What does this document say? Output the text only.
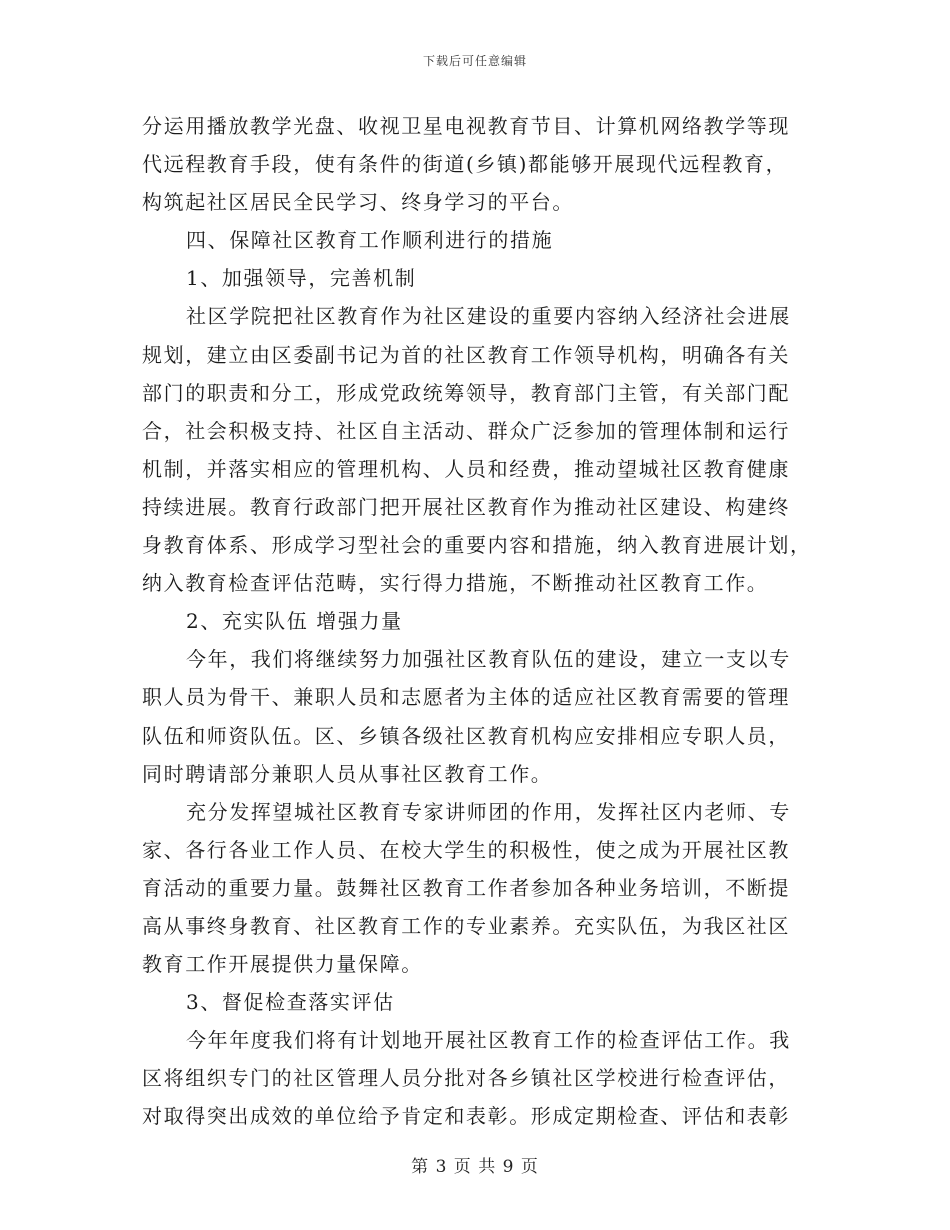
下载后可任意编辑
分运用播放教学光盘、收视卫星电视教育节目、计算机网络教学等现
代远程教育手段，使有条件的街道(乡镇)都能够开展现代远程教育，
构筑起社区居民全民学习、终身学习的平台。
四、保障社区教育工作顺利进行的措施
1、加强领导，完善机制
社区学院把社区教育作为社区建设的重要内容纳入经济社会进展
规划，建立由区委副书记为首的社区教育工作领导机构，明确各有关
部门的职责和分工，形成党政统筹领导，教育部门主管，有关部门配
合，社会积极支持、社区自主活动、群众广泛参加的管理体制和运行
机制，并落实相应的管理机构、人员和经费，推动望城社区教育健康
持续进展。教育行政部门把开展社区教育作为推动社区建设、构建终
身教育体系、形成学习型社会的重要内容和措施，纳入教育进展计划，
纳入教育检查评估范畴，实行得力措施，不断推动社区教育工作。
2、充实队伍 增强力量
今年，我们将继续努力加强社区教育队伍的建设，建立一支以专
职人员为骨干、兼职人员和志愿者为主体的适应社区教育需要的管理
队伍和师资队伍。区、乡镇各级社区教育机构应安排相应专职人员，
同时聘请部分兼职人员从事社区教育工作。
充分发挥望城社区教育专家讲师团的作用，发挥社区内老师、专
家、各行各业工作人员、在校大学生的积极性，使之成为开展社区教
育活动的重要力量。鼓舞社区教育工作者参加各种业务培训，不断提
高从事终身教育、社区教育工作的专业素养。充实队伍，为我区社区
教育工作开展提供力量保障。
3、督促检查落实评估
今年年度我们将有计划地开展社区教育工作的检查评估工作。我
区将组织专门的社区管理人员分批对各乡镇社区学校进行检查评估，
对取得突出成效的单位给予肯定和表彰。形成定期检查、评估和表彰
第 3 页 共 9 页
